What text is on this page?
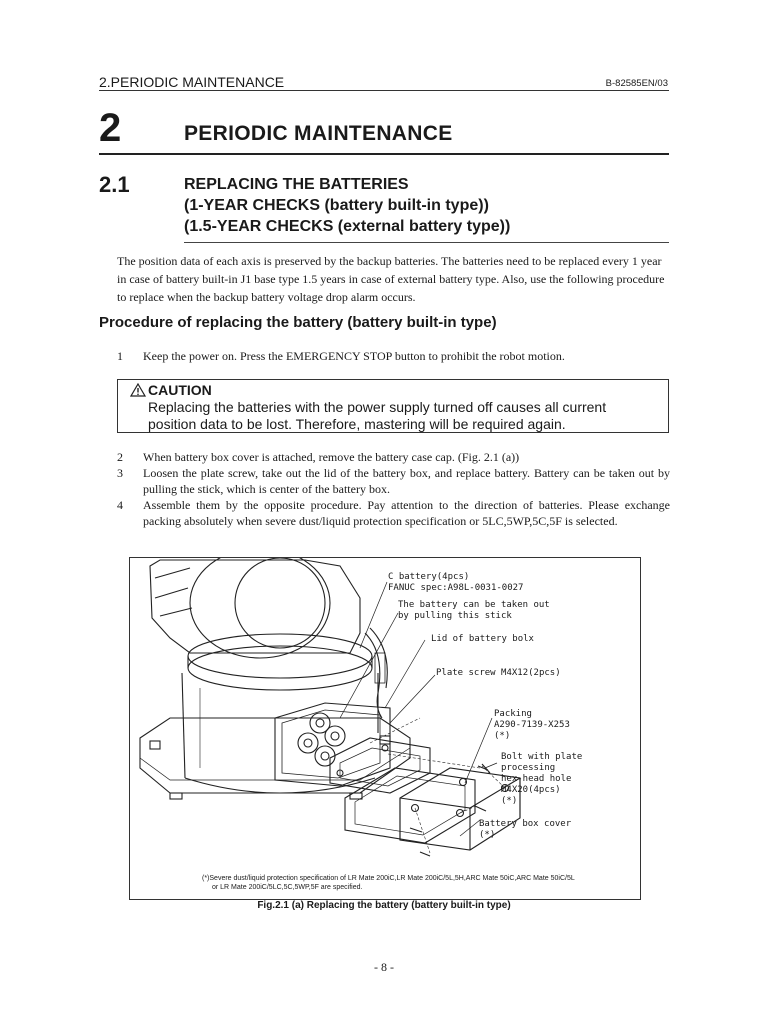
2.PERIODIC MAINTENANCE	B-82585EN/03
2	PERIODIC MAINTENANCE
2.1	REPLACING THE BATTERIES
(1-YEAR CHECKS (battery built-in type))
(1.5-YEAR CHECKS (external battery type))
The position data of each axis is preserved by the backup batteries. The batteries need to be replaced every 1 year in case of battery built-in J1 base type 1.5 years in case of external battery type. Also, use the following procedure to replace when the backup battery voltage drop alarm occurs.
Procedure of replacing the battery (battery built-in type)
1	Keep the power on. Press the EMERGENCY STOP button to prohibit the robot motion.
CAUTION
Replacing the batteries with the power supply turned off causes all current position data to be lost. Therefore, mastering will be required again.
2	When battery box cover is attached, remove the battery case cap. (Fig. 2.1 (a))
3	Loosen the plate screw, take out the lid of the battery box, and replace battery. Battery can be taken out by pulling the stick, which is center of the battery box.
4	Assemble them by the opposite procedure. Pay attention to the direction of batteries. Please exchange packing absolutely when severe dust/liquid protection specification or 5LC,5WP,5C,5F is selected.
C battery(4pcs)
FANUC spec:A98L-0031-0027
The battery can be taken out
by pulling this stick
Lid of battery bolx
Plate screw M4X12(2pcs)
Packing
A290-7139-X253
(*)
Bolt with plate processing
hex-head hole
M4X20(4pcs)
(*)
Battery box cover
(*)
(*)Severe dust/liquid protection specification of LR Mate 200iC,LR Mate 200iC/5L,5H,ARC Mate 50iC,ARC Mate 50iC/5L
or LR Mate 200iC/5LC,5C,5WP,5F are specified.
Fig.2.1 (a) Replacing the battery (battery built-in type)
- 8 -
